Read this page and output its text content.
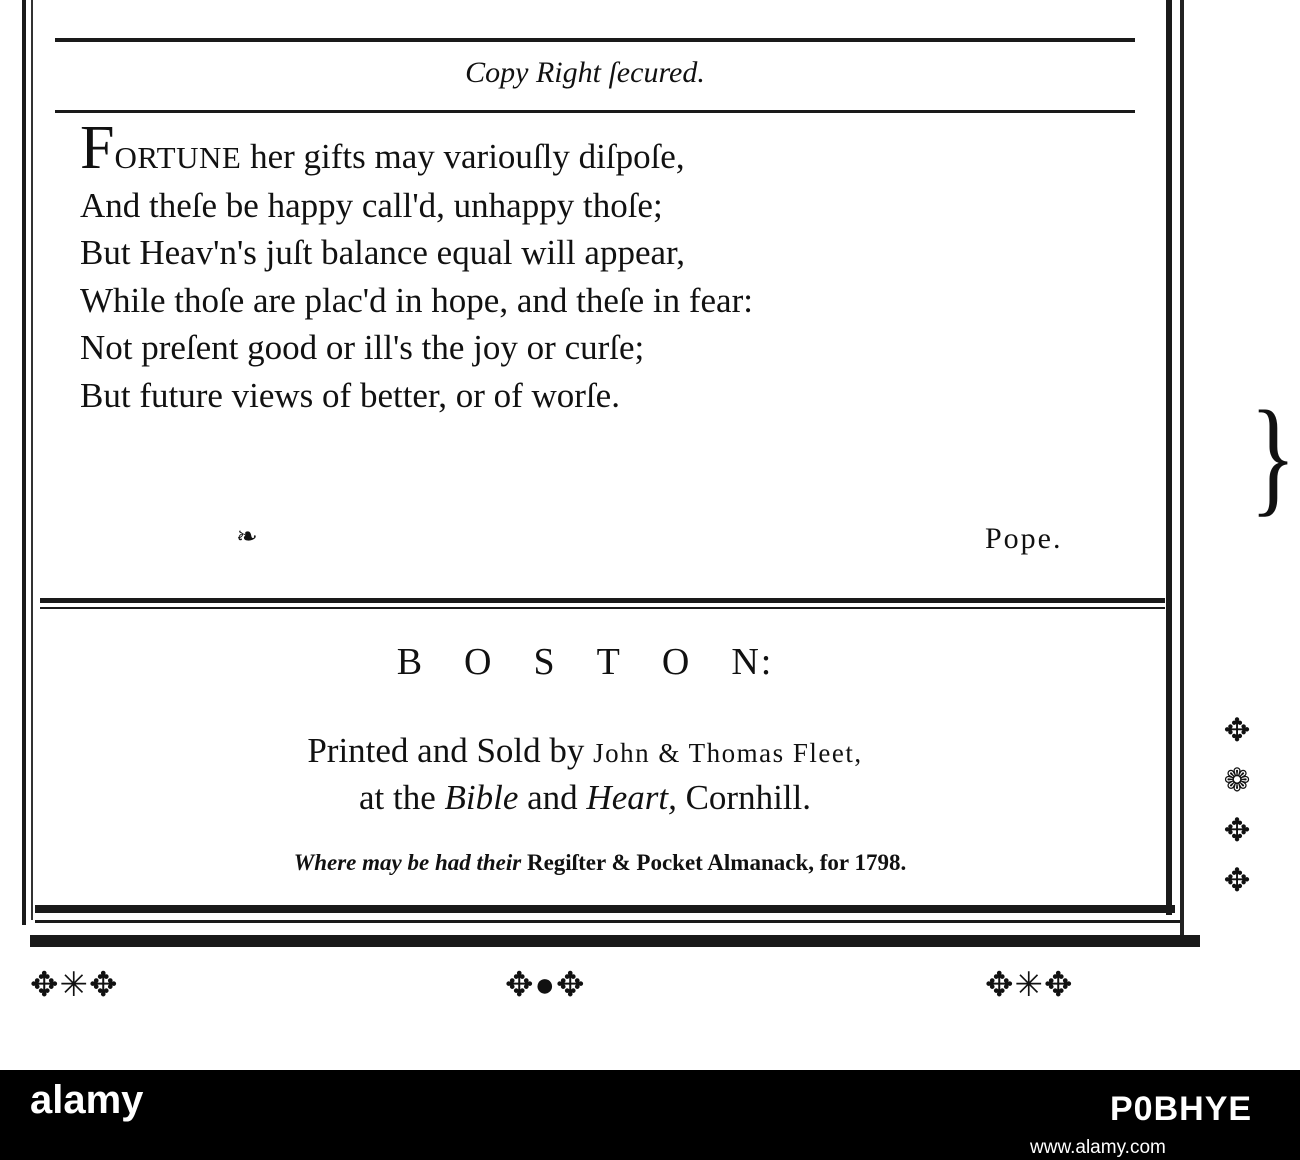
Copy Right ſecured.
FORTUNE her gifts may variouſly diſpoſe,
And theſe be happy call'd, unhappy thoſe;
But Heav'n's juſt balance equal will appear,
While thoſe are plac'd in hope, and theſe in fear:
Not preſent good or ill's the joy or curſe;
But future views of better, or of worſe.
❧	Pope.
B O S T O N:
Printed and Sold by John & Thomas Fleet,
at the Bible and Heart, Cornhill.
Where may be had their Regiſter & Pocket Almanack, for 1798.
✥✳✥	✥●✥	✥✳✥
}
✥
❁
✥
✥
alamy	P0BHYE
www.alamy.com
